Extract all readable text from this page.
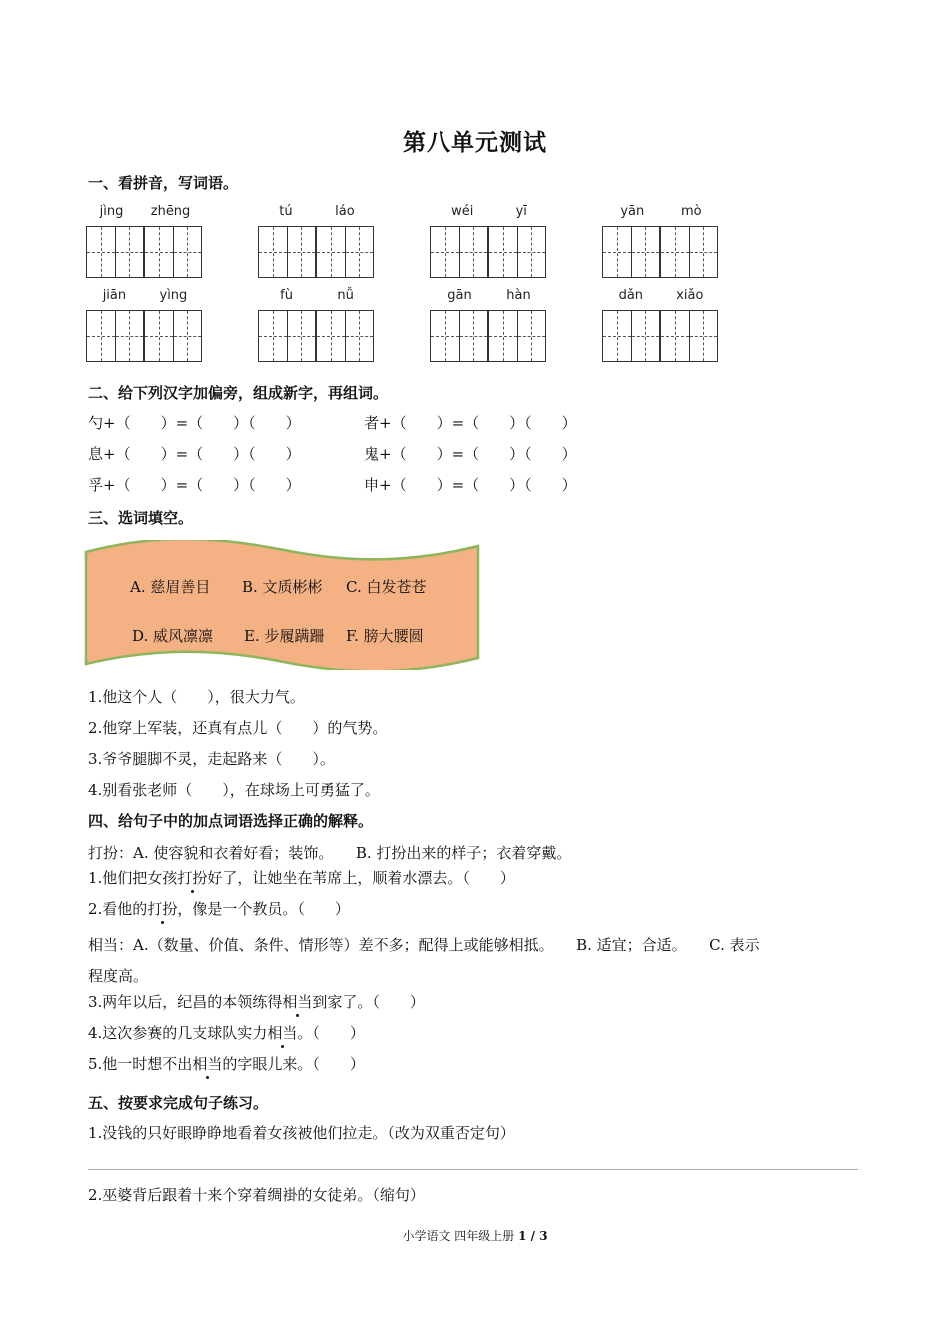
第八单元测试
一、看拼音，写词语。
jìng zhēng	tú	láo	wéi	yī	yān	mò
jiān	yìng	fù	nǚ	gān	hàn	dǎn	xiǎo
二、给下列汉字加偏旁，组成新字，再组词。
勺+（　　）=（　　）（　　）	者+（　　）=（　　）（　　）
息+（　　）=（　　）（　　）	鬼+（　　）=（　　）（　　）
孚+（　　）=（　　）（　　）	申+（　　）=（　　）（　　）
三、选词填空。
A. 慈眉善目 B. 文质彬彬 C. 白发苍苍
D. 威风凛凛 E. 步履蹒跚 F. 膀大腰圆
1.他这个人（　　），很大力气。
2.他穿上军装，还真有点儿（　　）的气势。
3.爷爷腿脚不灵，走起路来（　　）。
4.别看张老师（　　），在球场上可勇猛了。
四、给句子中的加点词语选择正确的解释。
打扮：A. 使容貌和衣着好看；装饰。　　B. 打扮出来的样子；衣着穿戴。
1.他们把女孩打扮好了，让她坐在苇席上，顺着水漂去。（　　）
2.看他的打扮，像是一个教员。（　　）
相当：A.（数量、价值、条件、情形等）差不多；配得上或能够相抵。　　B. 适宜；合适。　　C. 表示
程度高。
3.两年以后，纪昌的本领练得相当到家了。（　　）
4.这次参赛的几支球队实力相当。（　　）
5.他一时想不出相当的字眼儿来。（　　）
五、按要求完成句子练习。
1.没钱的只好眼睁睁地看着女孩被他们拉走。（改为双重否定句）
2.巫婆背后跟着十来个穿着绸褂的女徒弟。（缩句）
小学语文 四年级上册 1 / 3
